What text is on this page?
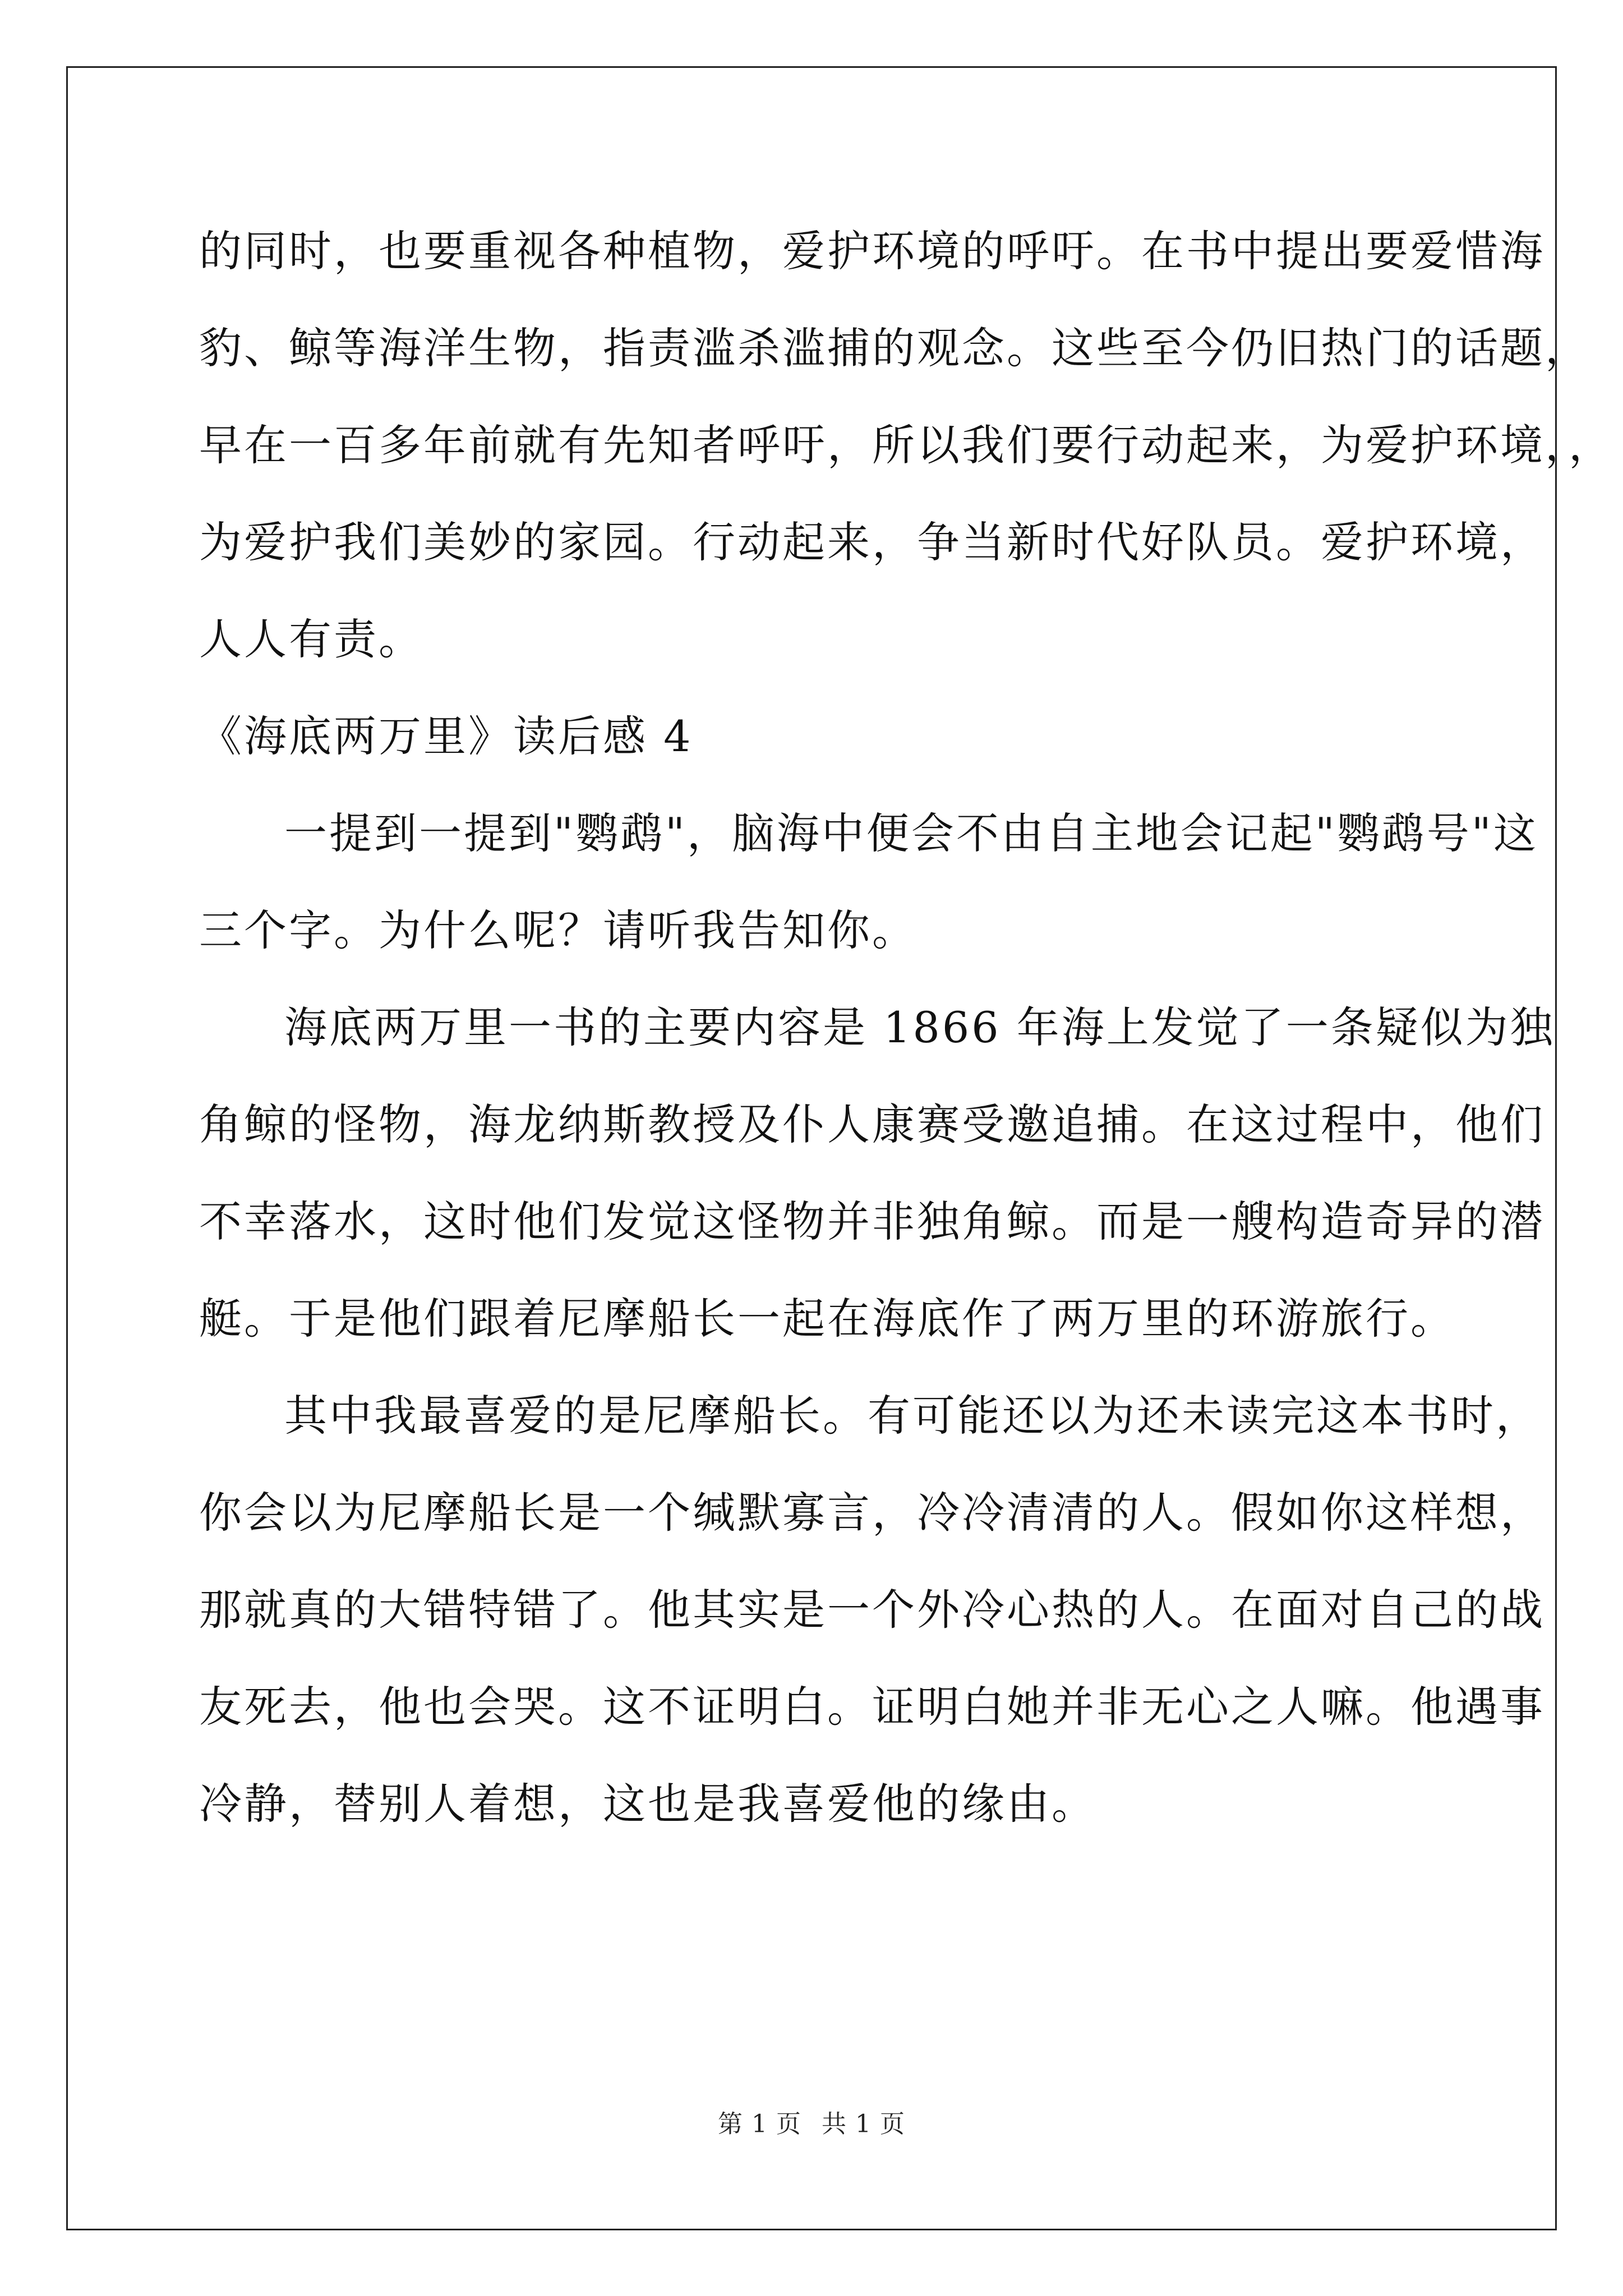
的同时，也要重视各种植物，爱护环境的呼吁。在书中提出要爱惜海
豹、鲸等海洋生物，指责滥杀滥捕的观念。这些至今仍旧热门的话题，
早在一百多年前就有先知者呼吁，所以我们要行动起来，为爱护环境，，
为爱护我们美妙的家园。行动起来，争当新时代好队员。爱护环境，
人人有责。
《海底两万里》读后感 4
一提到一提到"鹦鹉"，脑海中便会不由自主地会记起"鹦鹉号"这
三个字。为什么呢？请听我告知你。
海底两万里一书的主要内容是 1866 年海上发觉了一条疑似为独
角鲸的怪物，海龙纳斯教授及仆人康赛受邀追捕。在这过程中，他们
不幸落水，这时他们发觉这怪物并非独角鲸。而是一艘构造奇异的潜
艇。于是他们跟着尼摩船长一起在海底作了两万里的环游旅行。
其中我最喜爱的是尼摩船长。有可能还以为还未读完这本书时，
你会以为尼摩船长是一个缄默寡言，冷冷清清的人。假如你这样想，
那就真的大错特错了。他其实是一个外冷心热的人。在面对自己的战
友死去，他也会哭。这不证明白。证明白她并非无心之人嘛。他遇事
冷静，替别人着想，这也是我喜爱他的缘由。
第 1 页 共 1 页
